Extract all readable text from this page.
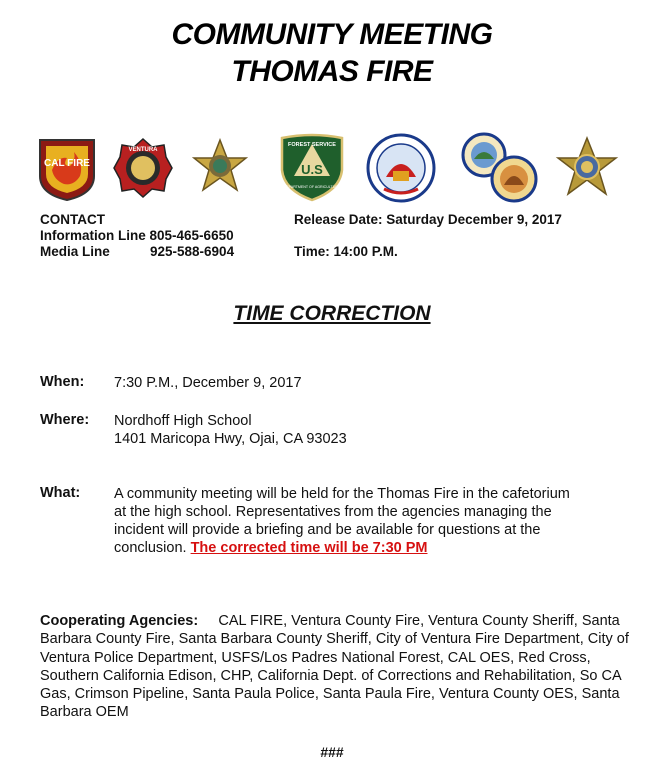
COMMUNITY MEETING
THOMAS FIRE
CAL FIRE
VENTURA
FOREST SERVICE
U.S
DEPARTMENT OF AGRICULTURE
CONTACT
Information Line 805-465-6650
Media Line	925-588-6904
Release Date: Saturday December 9, 2017
Time: 14:00 P.M.
TIME CORRECTION
When: 7:30 P.M., December 9, 2017
Where: Nordhoff High School
1401 Maricopa Hwy, Ojai, CA 93023
What: A community meeting will be held for the Thomas Fire in the cafetorium at the high school. Representatives from the agencies managing the incident will provide a briefing and be available for questions at the conclusion. The corrected time will be 7:30 PM
Cooperating Agencies: CAL FIRE, Ventura County Fire, Ventura County Sheriff, Santa Barbara County Fire, Santa Barbara County Sheriff, City of Ventura Fire Department, City of Ventura Police Department, USFS/Los Padres National Forest, CAL OES, Red Cross, Southern California Edison, CHP, California Dept. of Corrections and Rehabilitation, So CA Gas, Crimson Pipeline, Santa Paula Police, Santa Paula Fire, Ventura County OES, Santa Barbara OEM
###
